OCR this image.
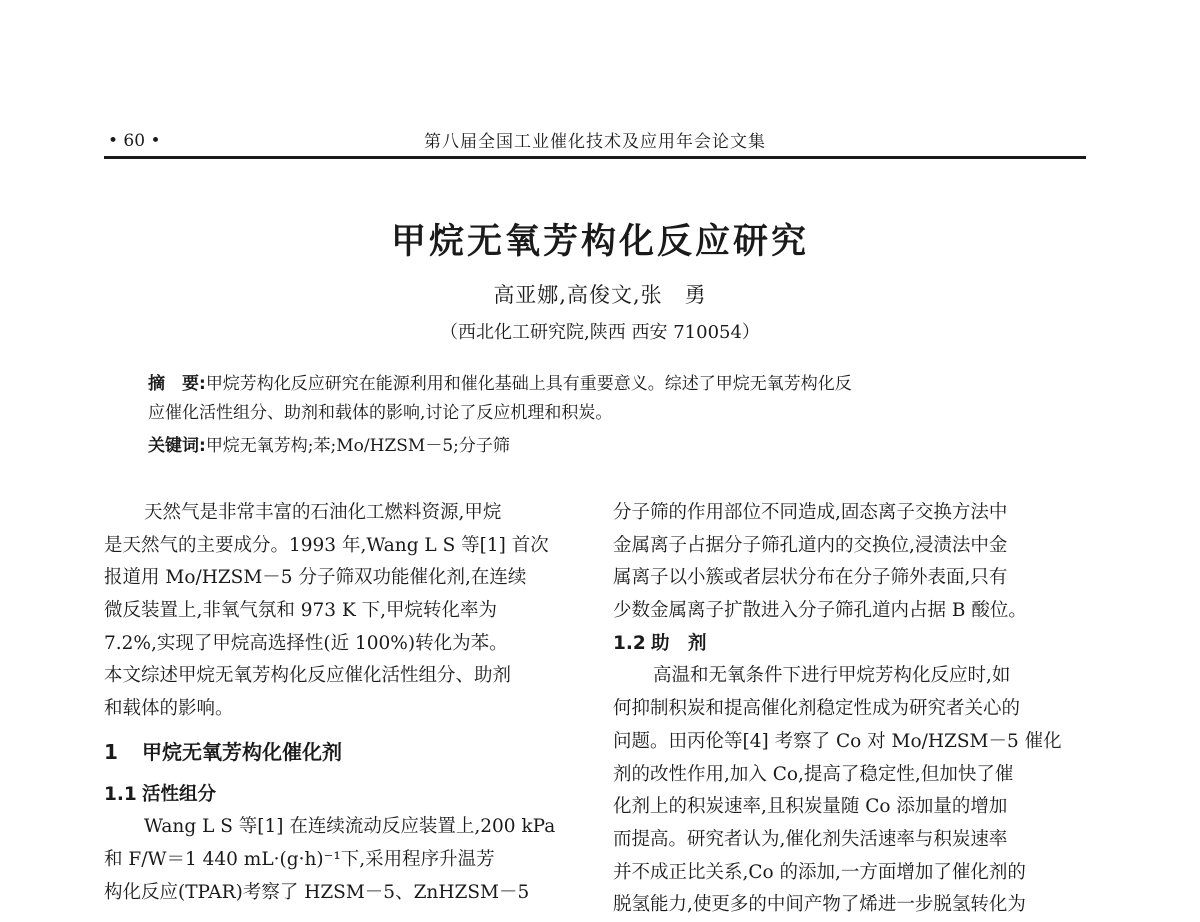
• 60 •	第八届全国工业催化技术及应用年会论文集
甲烷无氧芳构化反应研究
高亚娜,高俊文,张　勇
（西北化工研究院,陕西 西安 710054）
摘　要:甲烷芳构化反应研究在能源利用和催化基础上具有重要意义。综述了甲烷无氧芳构化反
应催化活性组分、助剂和载体的影响,讨论了反应机理和积炭。
关键词:甲烷无氧芳构;苯;Mo/HZSM－5;分子筛
天然气是非常丰富的石油化工燃料资源,甲烷
是天然气的主要成分。1993 年,Wang L S 等[1] 首次
报道用 Mo/HZSM－5 分子筛双功能催化剂,在连续
微反装置上,非氧气氛和 973 K 下,甲烷转化率为
7.2%,实现了甲烷高选择性(近 100%)转化为苯。
本文综述甲烷无氧芳构化反应催化活性组分、助剂
和载体的影响。
1 甲烷无氧芳构化催化剂
1.1 活性组分
Wang L S 等[1] 在连续流动反应装置上,200 kPa
和 F/W＝1 440 mL·(g·h)⁻¹下,采用程序升温芳
构化反应(TPAR)考察了 HZSM－5、ZnHZSM－5
分子筛的作用部位不同造成,固态离子交换方法中
金属离子占据分子筛孔道内的交换位,浸渍法中金
属离子以小簇或者层状分布在分子筛外表面,只有
少数金属离子扩散进入分子筛孔道内占据 B 酸位。
1.2 助　剂
高温和无氧条件下进行甲烷芳构化反应时,如
何抑制积炭和提高催化剂稳定性成为研究者关心的
问题。田丙伦等[4] 考察了 Co 对 Mo/HZSM－5 催化
剂的改性作用,加入 Co,提高了稳定性,但加快了催
化剂上的积炭速率,且积炭量随 Co 添加量的增加
而提高。研究者认为,催化剂失活速率与积炭速率
并不成正比关系,Co 的添加,一方面增加了催化剂的
脱氢能力,使更多的中间产物了烯进一步脱氢转化为
